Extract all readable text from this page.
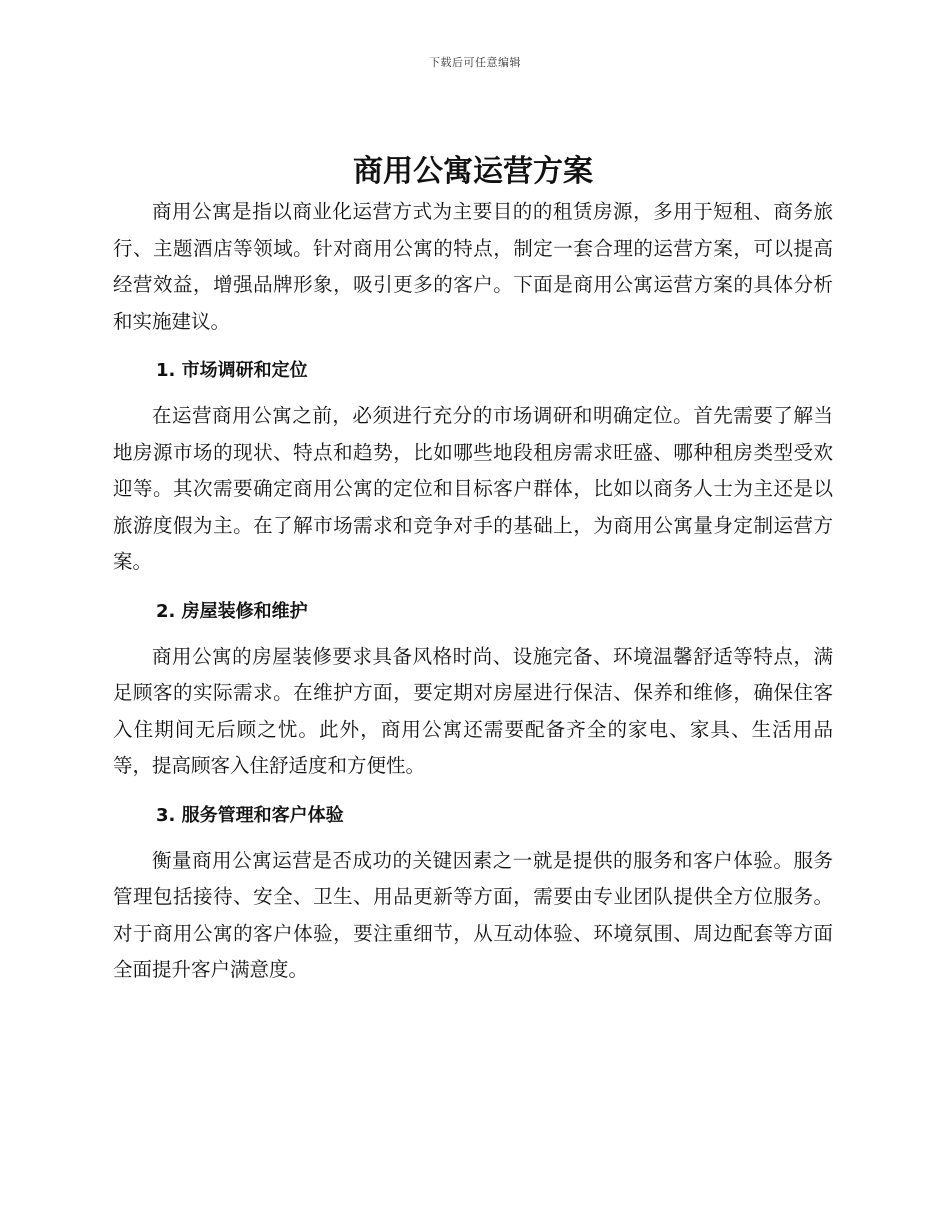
下载后可任意编辑
商用公寓运营方案

商用公寓是指以商业化运营方式为主要目的的租赁房源，多用于短租、商务旅行、主题酒店等领域。针对商用公寓的特点，制定一套合理的运营方案，可以提高经营效益，增强品牌形象，吸引更多的客户。下面是商用公寓运营方案的具体分析和实施建议。

1. 市场调研和定位

在运营商用公寓之前，必须进行充分的市场调研和明确定位。首先需要了解当地房源市场的现状、特点和趋势，比如哪些地段租房需求旺盛、哪种租房类型受欢迎等。其次需要确定商用公寓的定位和目标客户群体，比如以商务人士为主还是以旅游度假为主。在了解市场需求和竞争对手的基础上，为商用公寓量身定制运营方案。

2. 房屋装修和维护

商用公寓的房屋装修要求具备风格时尚、设施完备、环境温馨舒适等特点，满足顾客的实际需求。在维护方面，要定期对房屋进行保洁、保养和维修，确保住客入住期间无后顾之忧。此外，商用公寓还需要配备齐全的家电、家具、生活用品等，提高顾客入住舒适度和方便性。

3. 服务管理和客户体验

衡量商用公寓运营是否成功的关键因素之一就是提供的服务和客户体验。服务管理包括接待、安全、卫生、用品更新等方面，需要由专业团队提供全方位服务。对于商用公寓的客户体验，要注重细节，从互动体验、环境氛围、周边配套等方面全面提升客户满意度。
